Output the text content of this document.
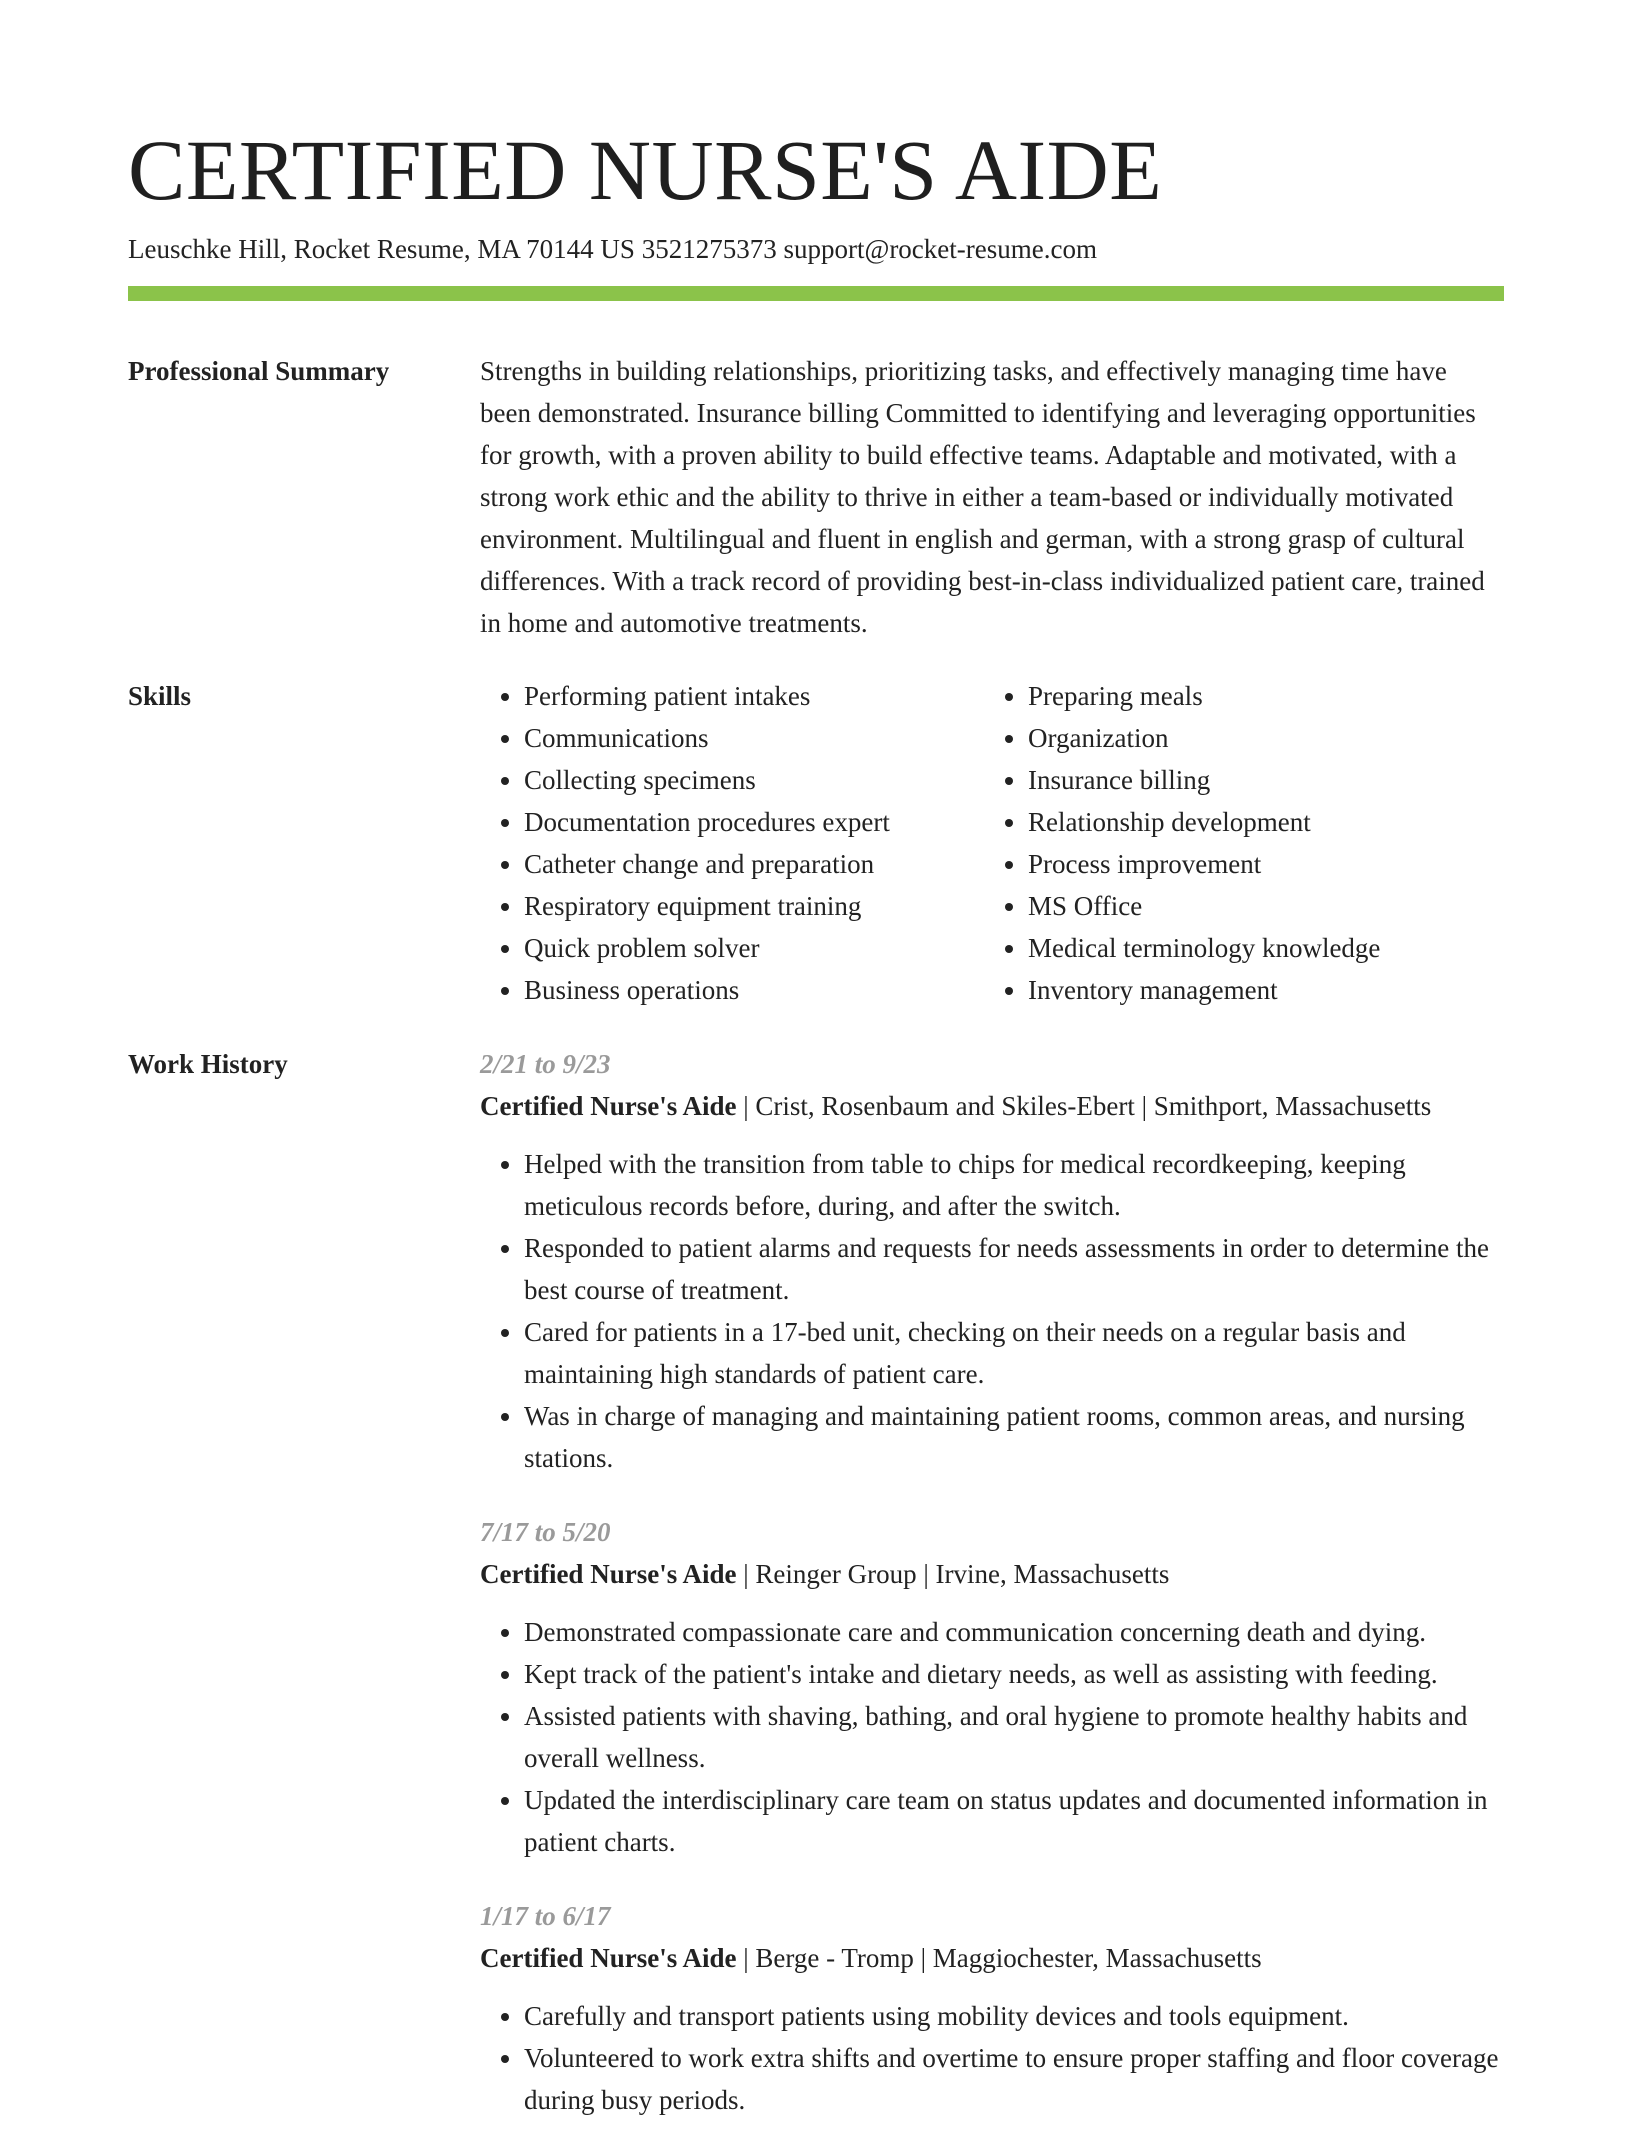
CERTIFIED NURSE'S AIDE
Leuschke Hill, Rocket Resume, MA 70144 US 3521275373 support@rocket-resume.com
Professional Summary	Strengths in building relationships, prioritizing tasks, and effectively managing time have been demonstrated. Insurance billing Committed to identifying and leveraging opportunities for growth, with a proven ability to build effective teams. Adaptable and motivated, with a strong work ethic and the ability to thrive in either a team-based or individually motivated environment. Multilingual and fluent in english and german, with a strong grasp of cultural differences. With a track record of providing best-in-class individualized patient care, trained in home and automotive treatments.

Skills
•	Performing patient intakes
• Communications
• Collecting specimens
• Documentation procedures expert
• Catheter change and preparation
• Respiratory equipment training
• Quick problem solver
• Business operations
• Preparing meals
• Organization
• Insurance billing
• Relationship development
• Process improvement
• MS Office
• Medical terminology knowledge
• Inventory management
Work History	2/21 to 9/23
Certified Nurse's Aide | Crist, Rosenbaum and Skiles-Ebert | Smithport, Massachusetts
• Helped with the transition from table to chips for medical recordkeeping, keeping meticulous records before, during, and after the switch.
• Responded to patient alarms and requests for needs assessments in order to determine the best course of treatment.
• Cared for patients in a 17-bed unit, checking on their needs on a regular basis and maintaining high standards of patient care.
• Was in charge of managing and maintaining patient rooms, common areas, and nursing stations.
7/17 to 5/20
Certified Nurse's Aide | Reinger Group | Irvine, Massachusetts
• Demonstrated compassionate care and communication concerning death and dying.
• Kept track of the patient's intake and dietary needs, as well as assisting with feeding.
• Assisted patients with shaving, bathing, and oral hygiene to promote healthy habits and overall wellness.
• Updated the interdisciplinary care team on status updates and documented information in patient charts.
1/17 to 6/17
Certified Nurse's Aide | Berge - Tromp | Maggiochester, Massachusetts
• Carefully and transport patients using mobility devices and tools equipment.
• Volunteered to work extra shifts and overtime to ensure proper staffing and floor coverage during busy periods.
